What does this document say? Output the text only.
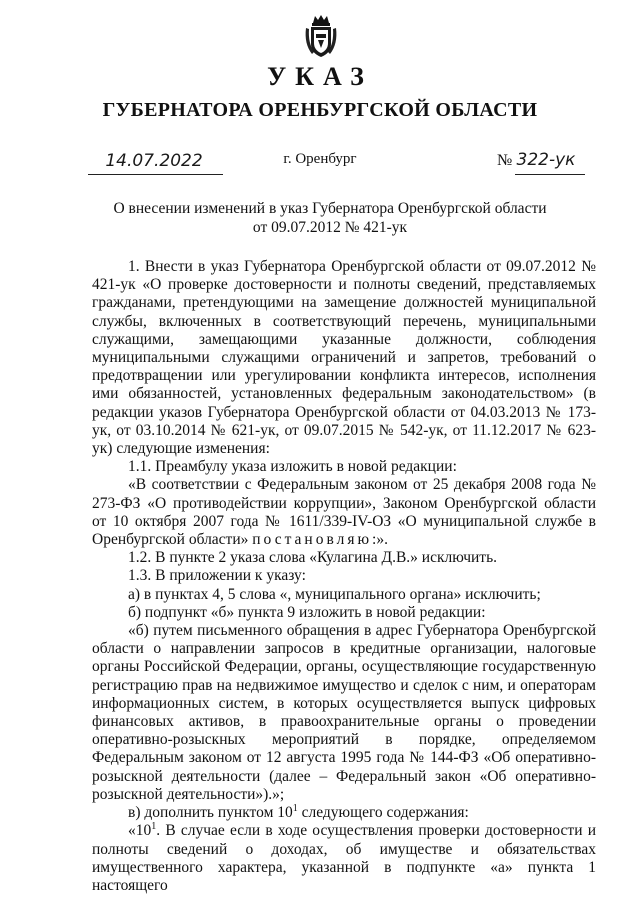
УКАЗ
ГУБЕРНАТОРА ОРЕНБУРГСКОЙ ОБЛАСТИ
14.07.2022	г. Оренбург	№ 322-ук
О внесении изменений в указ Губернатора Оренбургской области
от 09.07.2012 № 421-ук

1. Внести в указ Губернатора Оренбургской области от 09.07.2012 № 421-ук «О проверке достоверности и полноты сведений, представляемых гражданами, претендующими на замещение должностей муниципальной службы, включенных в соответствующий перечень, муниципальными служащими, замещающими указанные должности, соблюдения муниципальными служащими ограничений и запретов, требований о предотвращении или урегулировании конфликта интересов, исполнения ими обязанностей, установленных федеральным законодательством» (в редакции указов Губернатора Оренбургской области от 04.03.2013 № 173-ук, от 03.10.2014 № 621-ук, от 09.07.2015 № 542-ук, от 11.12.2017 № 623-ук) следующие изменения:

1.1. Преамбулу указа изложить в новой редакции:

«В соответствии с Федеральным законом от 25 декабря 2008 года № 273-ФЗ «О противодействии коррупции», Законом Оренбургской области от 10 октября 2007 года № 1611/339-IV-ОЗ «О муниципальной службе в Оренбургской области» постановляю:».

1.2. В пункте 2 указа слова «Кулагина Д.В.» исключить.

1.3. В приложении к указу:

а) в пунктах 4, 5 слова «, муниципального органа» исключить;

б) подпункт «б» пункта 9 изложить в новой редакции:

«б) путем письменного обращения в адрес Губернатора Оренбургской области о направлении запросов в кредитные организации, налоговые органы Российской Федерации, органы, осуществляющие государственную регистрацию прав на недвижимое имущество и сделок с ним, и операторам информационных систем, в которых осуществляется выпуск цифровых финансовых активов, в правоохранительные органы о проведении оперативно-розыскных мероприятий в порядке, определяемом Федеральным законом от 12 августа 1995 года № 144-ФЗ «Об оперативно-розыскной деятельности (далее – Федеральный закон «Об оперативно-розыскной деятельности»).»;

в) дополнить пунктом $10^1$ следующего содержания:

«$10^1$. В случае если в ходе осуществления проверки достоверности и полноты сведений о доходах, об имуществе и обязательствах имущественного характера, указанной в подпункте «а» пункта 1 настоящего
